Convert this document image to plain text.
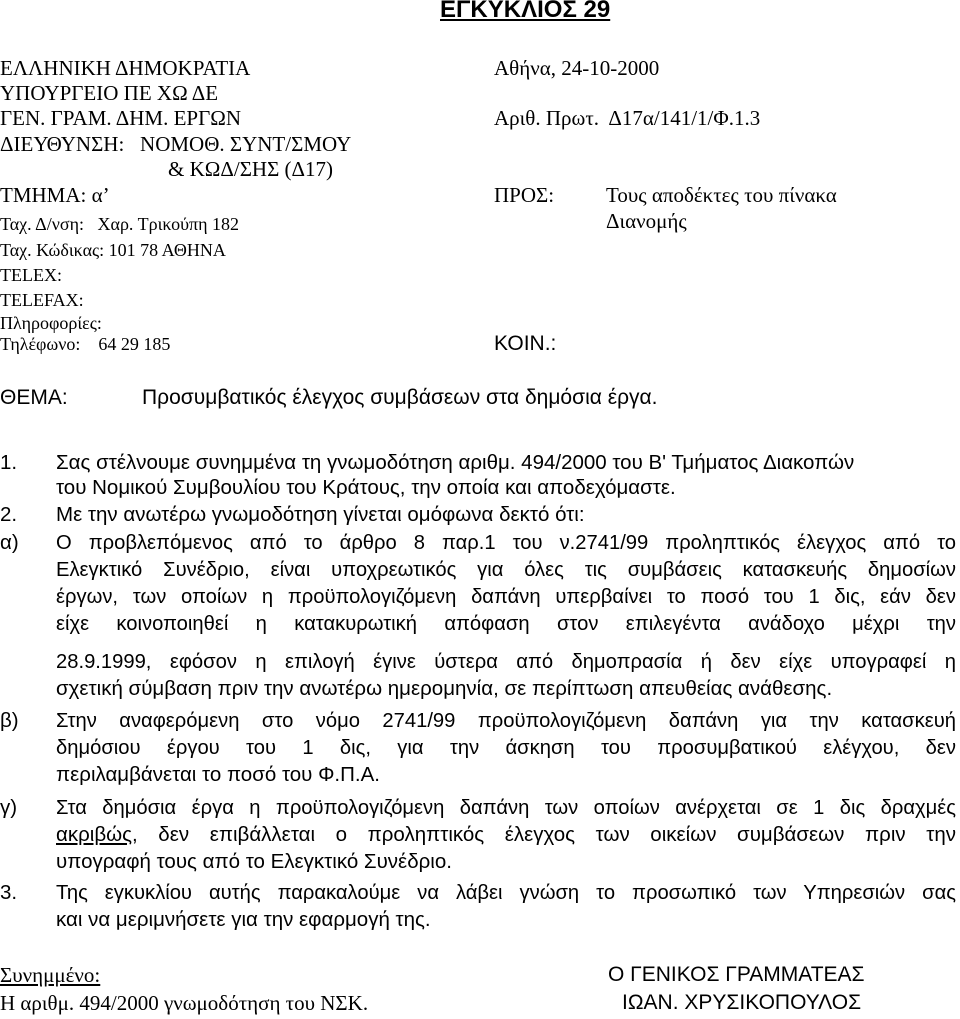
ΕΓΚΥΚΛΙΟΣ 29
ΕΛΛΗΝΙΚΗ ΔΗΜΟΚΡΑΤΙΑ
ΥΠΟΥΡΓΕΙΟ ΠΕ ΧΩ ΔΕ
ΓΕΝ. ΓΡΑΜ. ΔΗΜ. ΕΡΓΩΝ
ΔΙΕΥΘΥΝΣΗ:   ΝΟΜΟΘ. ΣΥΝΤ/ΣΜΟΥ
& ΚΩΔ/ΣΗΣ (Δ17)
ΤΜΗΜΑ: α’
Ταχ. Δ/νση:   Χαρ. Τρικούπη 182
Ταχ. Κώδικας: 101 78 ΑΘΗΝΑ
TELEX:
TELEFAX:
Πληροφορίες:
Τηλέφωνο:    64 29 185
Αθήνα, 24-10-2000
Αριθ. Πρωτ.  Δ17α/141/1/Φ.1.3
ΠΡΟΣ: Τους αποδέκτες του πίνακα
Διανομής
ΚΟΙΝ.:
ΘΕΜΑ:	Προσυμβατικός έλεγχος συμβάσεων στα δημόσια έργα.
1. Σας στέλνουμε συνημμένα τη γνωμοδότηση αριθμ. 494/2000 του Β' Τμήματος Διακοπών
του Νομικού Συμβουλίου του Κράτους, την οποία και αποδεχόμαστε.
2. Με την ανωτέρω γνωμοδότηση γίνεται ομόφωνα δεκτό ότι:
α) Ο προβλεπόμενος από το άρθρο 8 παρ.1 του ν.2741/99 προληπτικός έλεγχος από το
Ελεγκτικό Συνέδριο, είναι υποχρεωτικός για όλες τις συμβάσεις κατασκευής δημοσίων
έργων, των οποίων η προϋπολογιζόμενη δαπάνη υπερβαίνει το ποσό του 1 δις, εάν δεν
είχε κοινοποιηθεί η κατακυρωτική απόφαση στον επιλεγέντα ανάδοχο μέχρι την
28.9.1999, εφόσον η επιλογή έγινε ύστερα από δημοπρασία ή δεν είχε υπογραφεί η
σχετική σύμβαση πριν την ανωτέρω ημερομηνία, σε περίπτωση απευθείας ανάθεσης.
β) Στην αναφερόμενη στο νόμο 2741/99 προϋπολογιζόμενη δαπάνη για την κατασκευή
δημόσιου έργου του 1 δις, για την άσκηση του προσυμβατικού ελέγχου, δεν
περιλαμβάνεται το ποσό του Φ.Π.Α.
γ) Στα δημόσια έργα η προϋπολογιζόμενη δαπάνη των οποίων ανέρχεται σε 1 δις δραχμές
ακριβώς , δεν επιβάλλεται ο προληπτικός έλεγχος των οικείων συμβάσεων πριν την
υπογραφή τους από το Ελεγκτικό Συνέδριο.
3. Της εγκυκλίου αυτής παρακαλούμε να λάβει γνώση το προσωπικό των Υπηρεσιών σας
και να μεριμνήσετε για την εφαρμογή της.
Συνημμένο:
Η αριθμ. 494/2000 γνωμοδότηση του ΝΣΚ.
Ο ΓΕΝΙΚΟΣ ΓΡΑΜΜΑΤΕΑΣ
ΙΩΑΝ. ΧΡΥΣΙΚΟΠΟΥΛΟΣ
